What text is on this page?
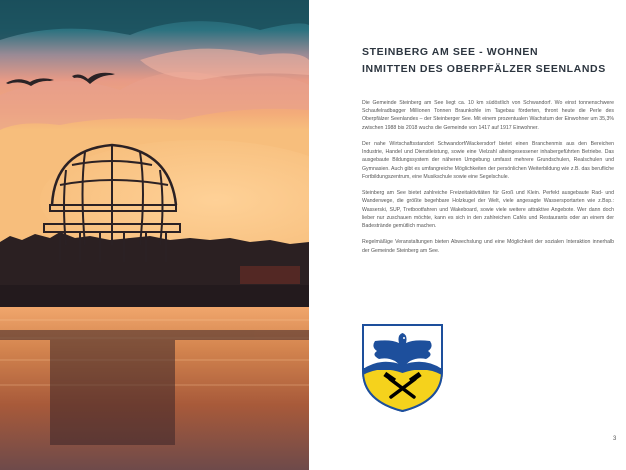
STEINBERG AM SEE - WOHNEN
INMITTEN DES OBERPFÄLZER SEENLANDS

Die Gemeinde Steinberg am See liegt ca. 10 km südöstlich von Schwandorf. Wo einst tonnenschwere Schaufelradbagger Millionen Tonnen Braunkohle im Tagebau förderten, thront heute die Perle des Oberpfälzer Seenlandes – der Steinberger See. Mit einem prozentualen Wachstum der Einwohner um 35,3% zwischen 1988 bis 2018 wuchs die Gemeinde von 1417 auf 1917 Einwohner.

Der nahe Wirtschaftsstandort Schwandorf/Wackersdorf bietet einen Branchenmix aus den Bereichen Industrie, Handel und Dienstleistung, sowie eine Vielzahl alteingesessener inhabergeführten Betriebe. Das ausgebaute Bildungssystem der näheren Umgebung umfasst mehrere Grundschulen, Realschulen und Gymnasien. Auch gibt es umfangreiche Möglichkeiten der persönlichen Weiterbildung wie z.B. das berufliche Fortbildungszentrum, eine Musikschule sowie eine Segelschule.

Steinberg am See bietet zahlreiche Freizeitaktivitäten für Groß und Klein. Perfekt ausgebaute Rad- und Wanderwege, die größte begehbare Holzkugel der Welt, viele angesagte Wassersportarten wie z.Bsp.: Wasserski, SUP, Tretbootfahren und Wakeboard, sowie viele weitere attraktive Angebote. Wer dann doch lieber nur zuschauen möchte, kann es sich in den zahlreichen Cafés und Restaurants oder an einem der Badestrände gemütlich machen.

Regelmäßige Veranstaltungen bieten Abwechslung und eine Möglichkeit der sozialen Interaktion innerhalb der Gemeinde Steinberg am See.

3
